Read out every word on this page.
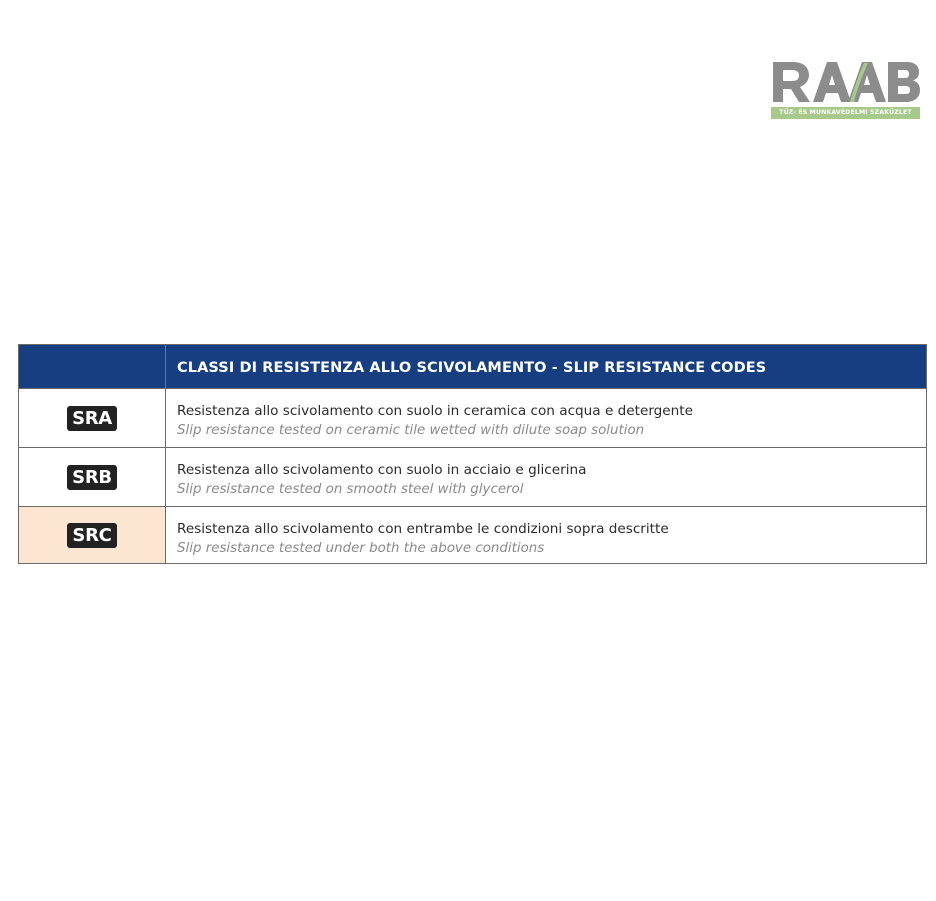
TŰZ- ÉS MUNKAVÉDELMI SZAKÜZLET
CLASSI DI RESISTENZA ALLO SCIVOLAMENTO - SLIP RESISTANCE CODES
SRA	Resistenza allo scivolamento con suolo in ceramica con acqua e detergente
Slip resistance tested on ceramic tile wetted with dilute soap solution
SRB	Resistenza allo scivolamento con suolo in acciaio e glicerina
Slip resistance tested on smooth steel with glycerol
SRC	Resistenza allo scivolamento con entrambe le condizioni sopra descritte
Slip resistance tested under both the above conditions
